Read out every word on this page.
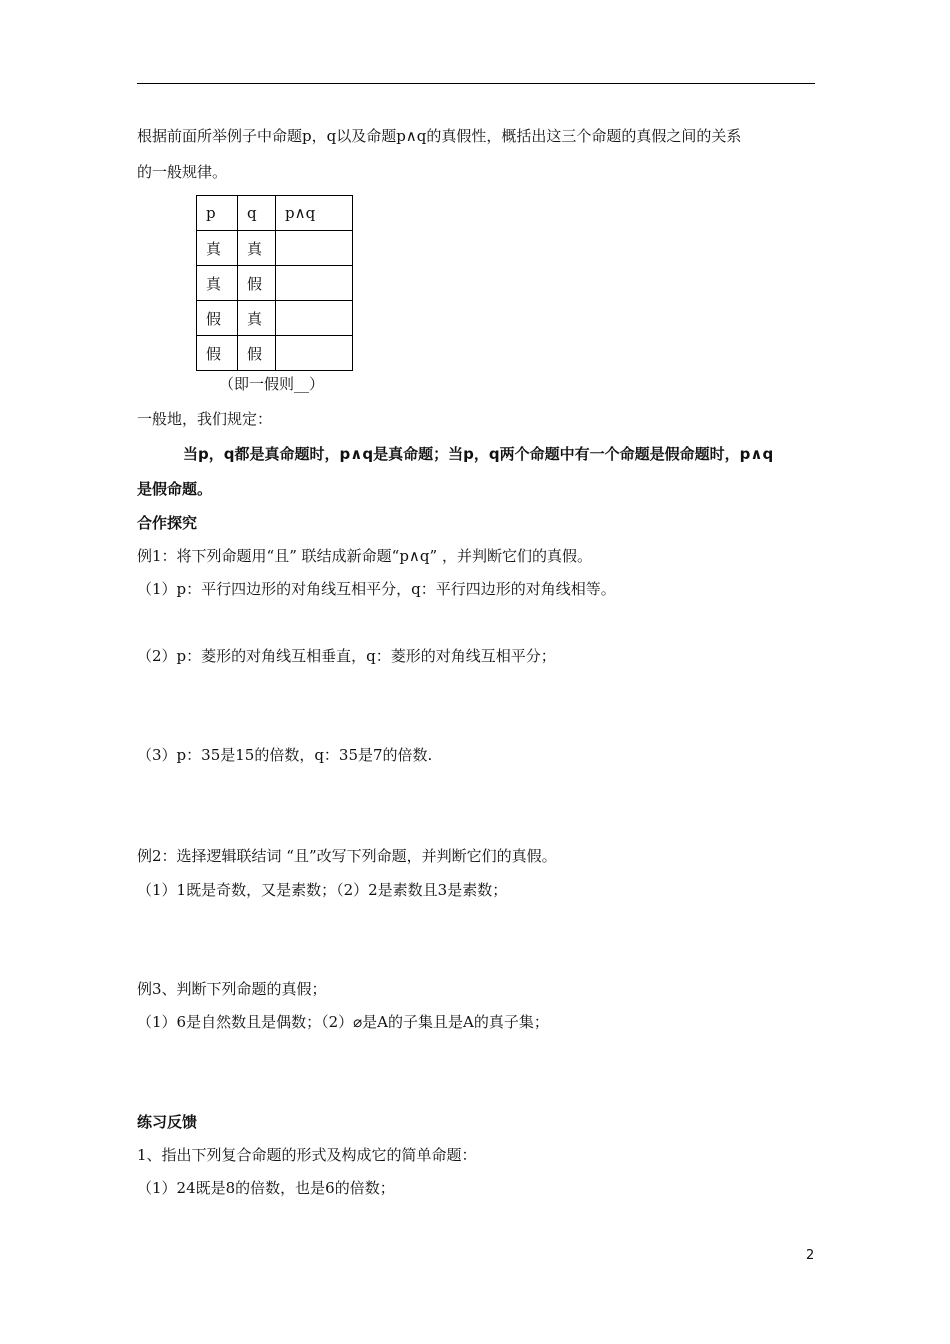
根据前面所举例子中命题p，q以及命题p∧q的真假性，概括出这三个命题的真假之间的关系
的一般规律。
p	q	p∧q
真	真	
真	假	
假	真	
假	假	
（即一假则__）
一般地，我们规定：
当p，q都是真命题时，p∧q是真命题；当p，q两个命题中有一个命题是假命题时，p∧q
是假命题。
合作探究
例1：将下列命题用“且” 联结成新命题“p∧q” ，并判断它们的真假。
（1）p：平行四边形的对角线互相平分，q：平行四边形的对角线相等。
（2）p：菱形的对角线互相垂直，q：菱形的对角线互相平分；
（3）p：35是15的倍数，q：35是7的倍数.
例2：选择逻辑联结词 “且”改写下列命题，并判断它们的真假。
（1）1既是奇数，又是素数；（2）2是素数且3是素数；
例3、判断下列命题的真假；
（1）6是自然数且是偶数；（2）⌀是A的子集且是A的真子集；
练习反馈
1、指出下列复合命题的形式及构成它的简单命题：
（1）24既是8的倍数，也是6的倍数；
2
